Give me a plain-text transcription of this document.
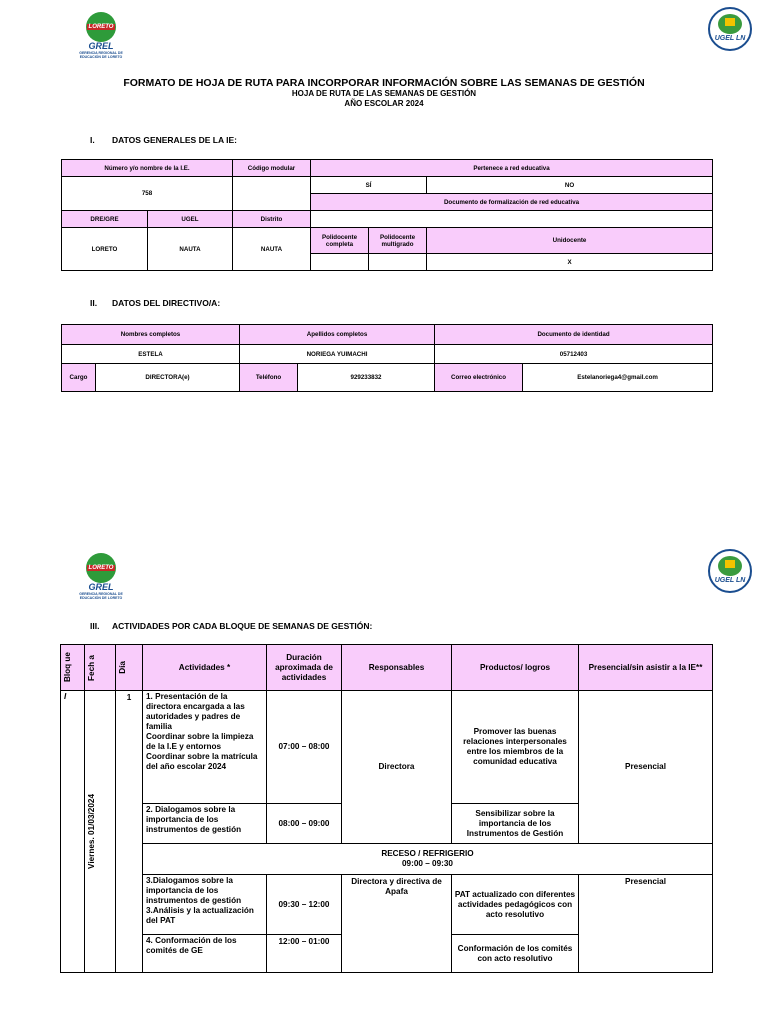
LORETO
GREL
GERENCIA REGIONAL DE EDUCACIÓN DE LORETO
UGEL LN
FORMATO DE HOJA DE RUTA PARA INCORPORAR INFORMACIÓN SOBRE LAS SEMANAS DE GESTIÓN
HOJA DE RUTA DE LAS SEMANAS DE GESTIÓN
AÑO ESCOLAR 2024
I. DATOS GENERALES DE LA IE:
Número y/o nombre de la I.E.		Código modular	Pertenece a red educativa		
758			SÍ		NO
			Documento de formalización de red educativa		
DRE/GRE	UGEL	Distrito			
LORETO	NAUTA	NAUTA	Polidocente completa	Polidocente multigrado	Unidocente
					X
II. DATOS DEL DIRECTIVO/A:
Nombres completos		Apellidos completos		Documento de identidad	
ESTELA		NORIEGA YUIMACHI		05712403	
Cargo	DIRECTORA(e)	Teléfono	929233832	Correo electrónico	Estelanoriega4@gmail.com
LORETO
GREL
GERENCIA REGIONAL DE EDUCACIÓN DE LORETO
UGEL LN
III. ACTIVIDADES POR CADA BLOQUE DE SEMANAS DE GESTIÓN:
Bloq ue	Fech a	Día	Actividades *	Duración aproximada de actividades	Responsables	Productos/ logros	Presencial/sin asistir a la IE**
I	Viernes. 01/03/2024	1	1. Presentación de la directora encargada a las autoridades y padres de familia
Coordinar sobre la limpieza de la I.E y entornos
Coordinar sobre la matrícula del año escolar 2024	07:00 – 08:00	Directora	Promover las buenas relaciones interpersonales entre los miembros de la comunidad educativa	Presencial
			2. Dialogamos sobre la importancia de los instrumentos de gestión	08:00 – 09:00		Sensibilizar sobre la importancia de los Instrumentos de Gestión	

			RECESO / REFRIGERIO
09:00 – 09:30				

			3.Dialogamos sobre la importancia de los instrumentos de gestión
3.Análisis y la actualización del PAT	09:30 – 12:00	Directora y directiva de Apafa	PAT actualizado con diferentes actividades pedagógicos con acto resolutivo	Presencial
			4. Conformación de los comités de GE	12:00 – 01:00		Conformación de los comités con acto resolutivo	
